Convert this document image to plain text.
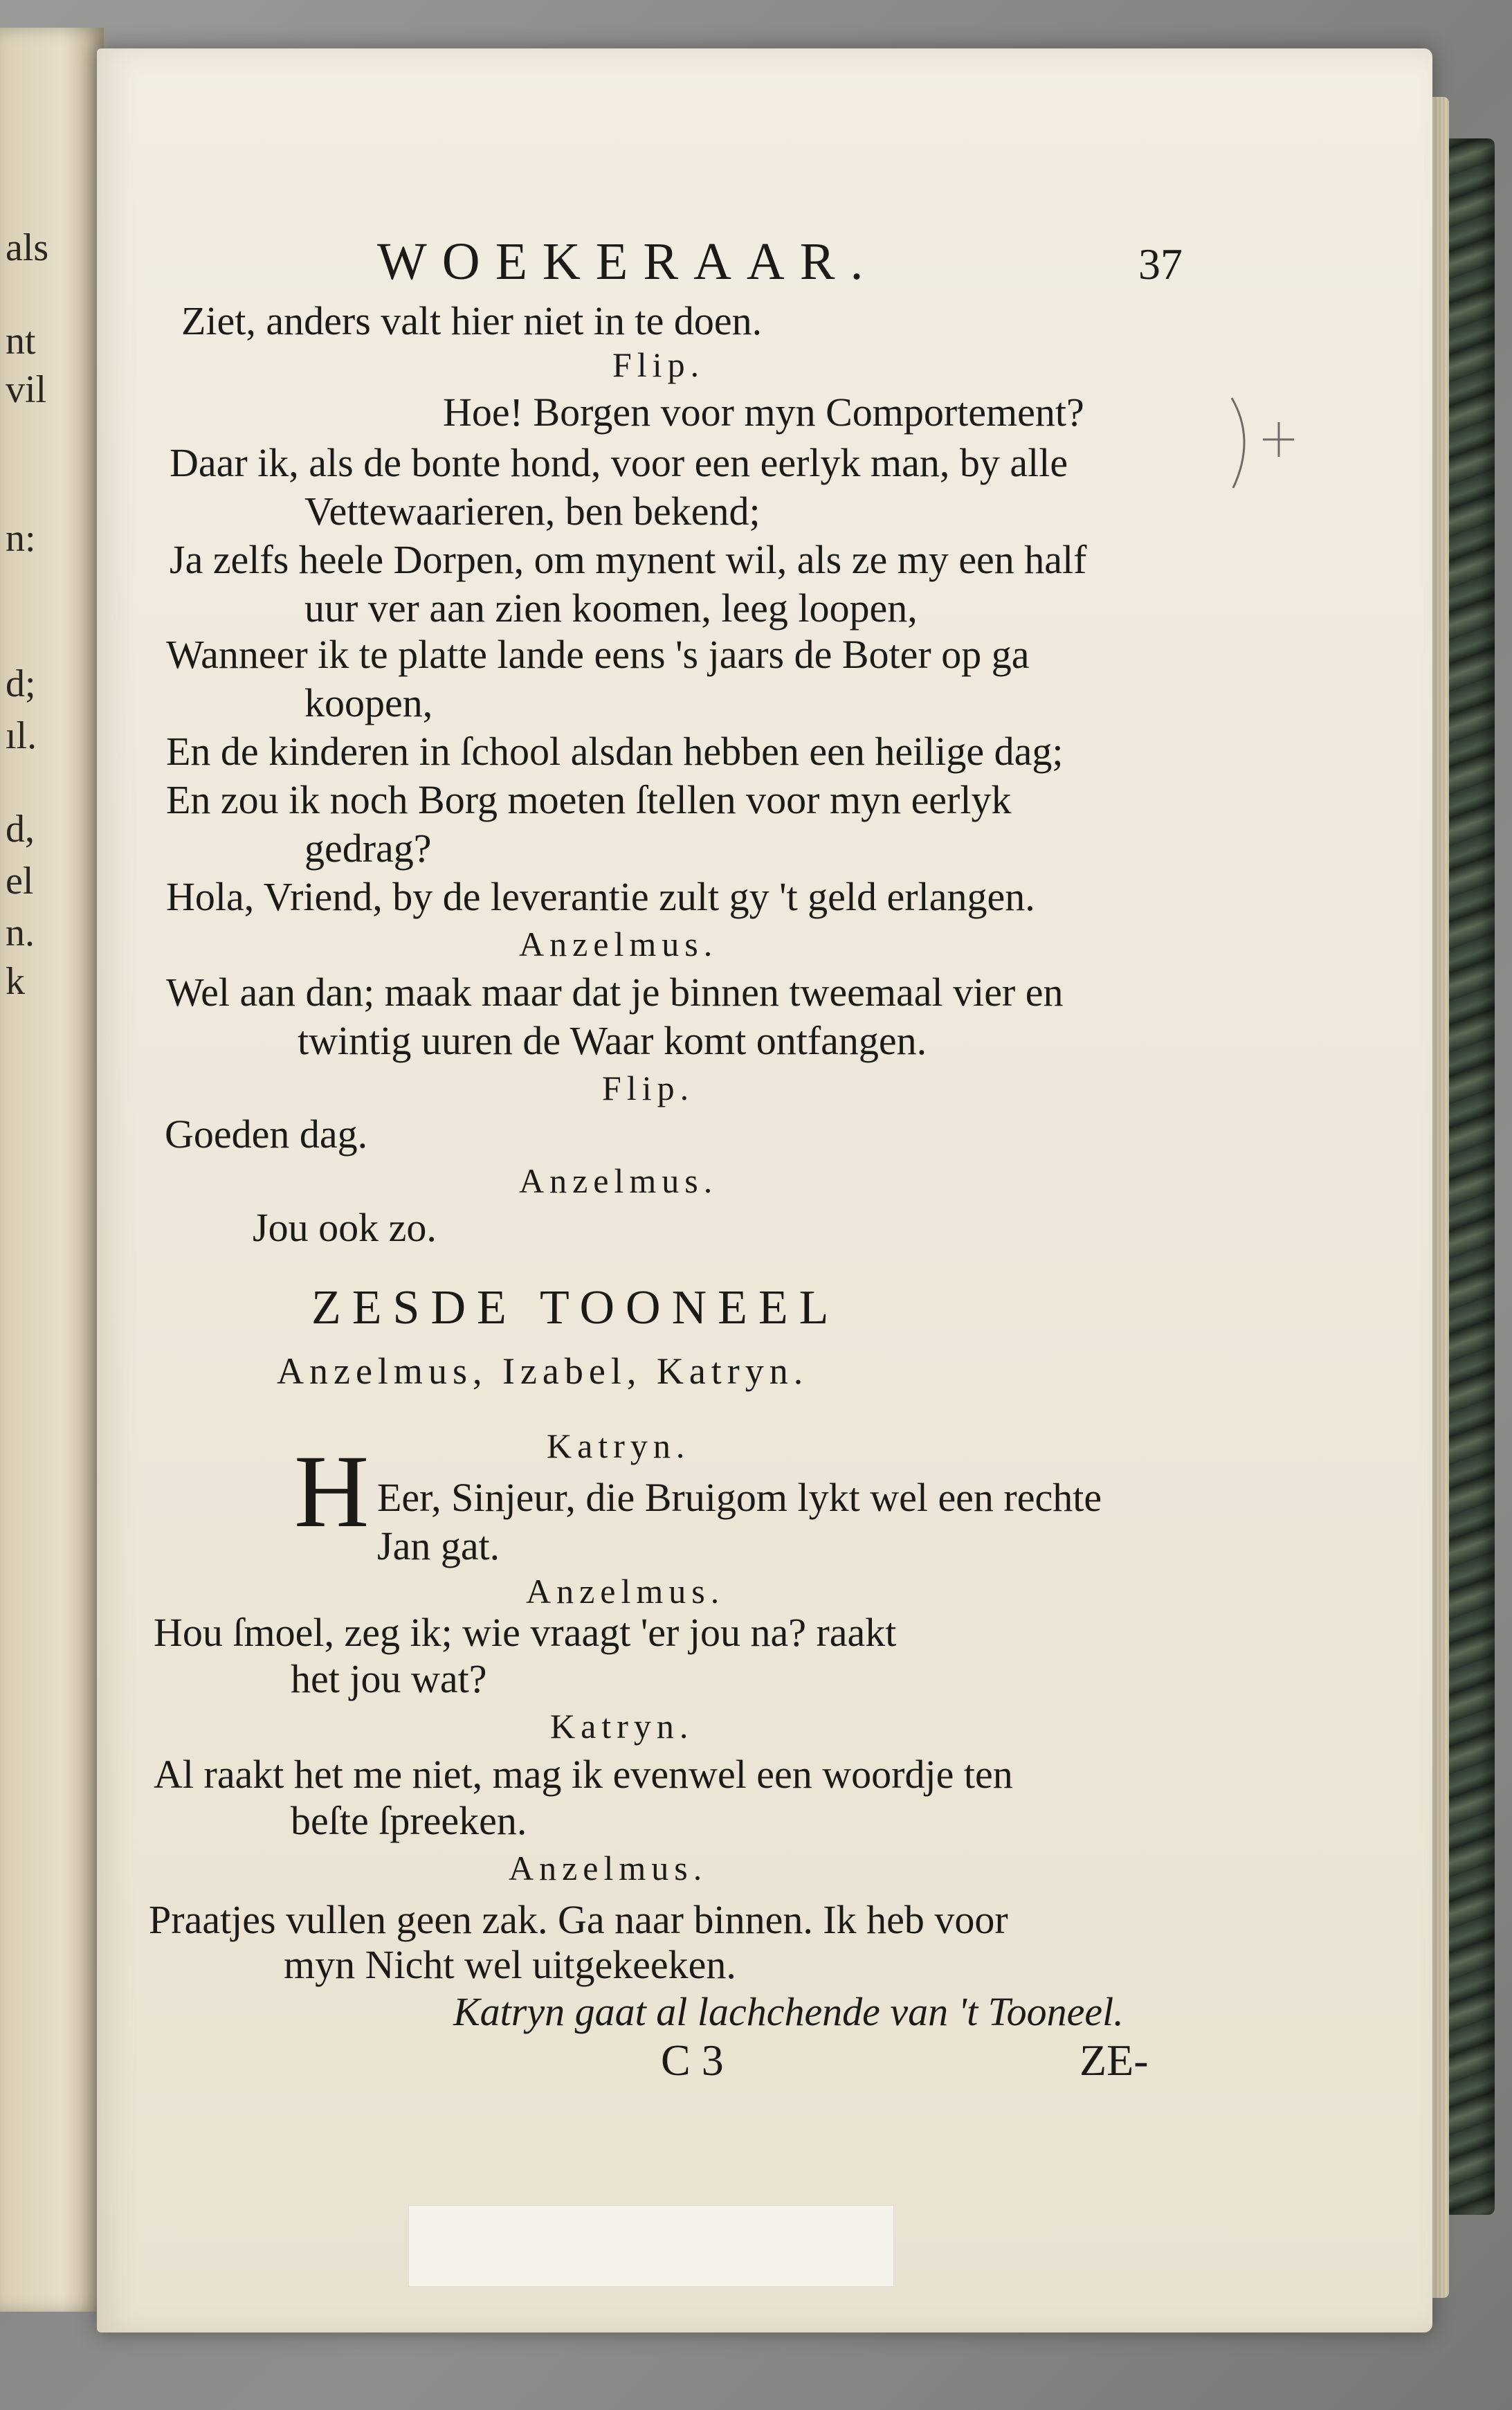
als
nt
vil
n:
d;
ıl.
d,
el
n.
k
WOEKERAAR.	37
Ziet, anders valt hier niet in te doen.
Flip.
Hoe! Borgen voor myn Comportement?
Daar ik, als de bonte hond, voor een eerlyk man, by alle
Vettewaarieren, ben bekend;
Ja zelfs heele Dorpen, om mynent wil, als ze my een half
uur ver aan zien koomen, leeg loopen,
Wanneer ik te platte lande eens 's jaars de Boter op ga
koopen,
En de kinderen in ſchool alsdan hebben een heilige dag;
En zou ik noch Borg moeten ſtellen voor myn eerlyk
gedrag?
Hola, Vriend, by de leverantie zult gy 't geld erlangen.
Anzelmus.
Wel aan dan; maak maar dat je binnen tweemaal vier en
twintig uuren de Waar komt ontfangen.
Flip.
Goeden dag.
Anzelmus.
Jou ook zo.
ZESDE TOONEEL
Anzelmus, Izabel, Katryn.
Katryn.
H Eer, Sinjeur, die Bruigom lykt wel een rechte
Jan gat.
Anzelmus.
Hou ſmoel, zeg ik; wie vraagt 'er jou na? raakt
het jou wat?
Katryn.
Al raakt het me niet, mag ik evenwel een woordje ten
beſte ſpreeken.
Anzelmus.
Praatjes vullen geen zak. Ga naar binnen. Ik heb voor
myn Nicht wel uitgekeeken.
Katryn gaat al lachchende van 't Tooneel.
C 3	ZE-
